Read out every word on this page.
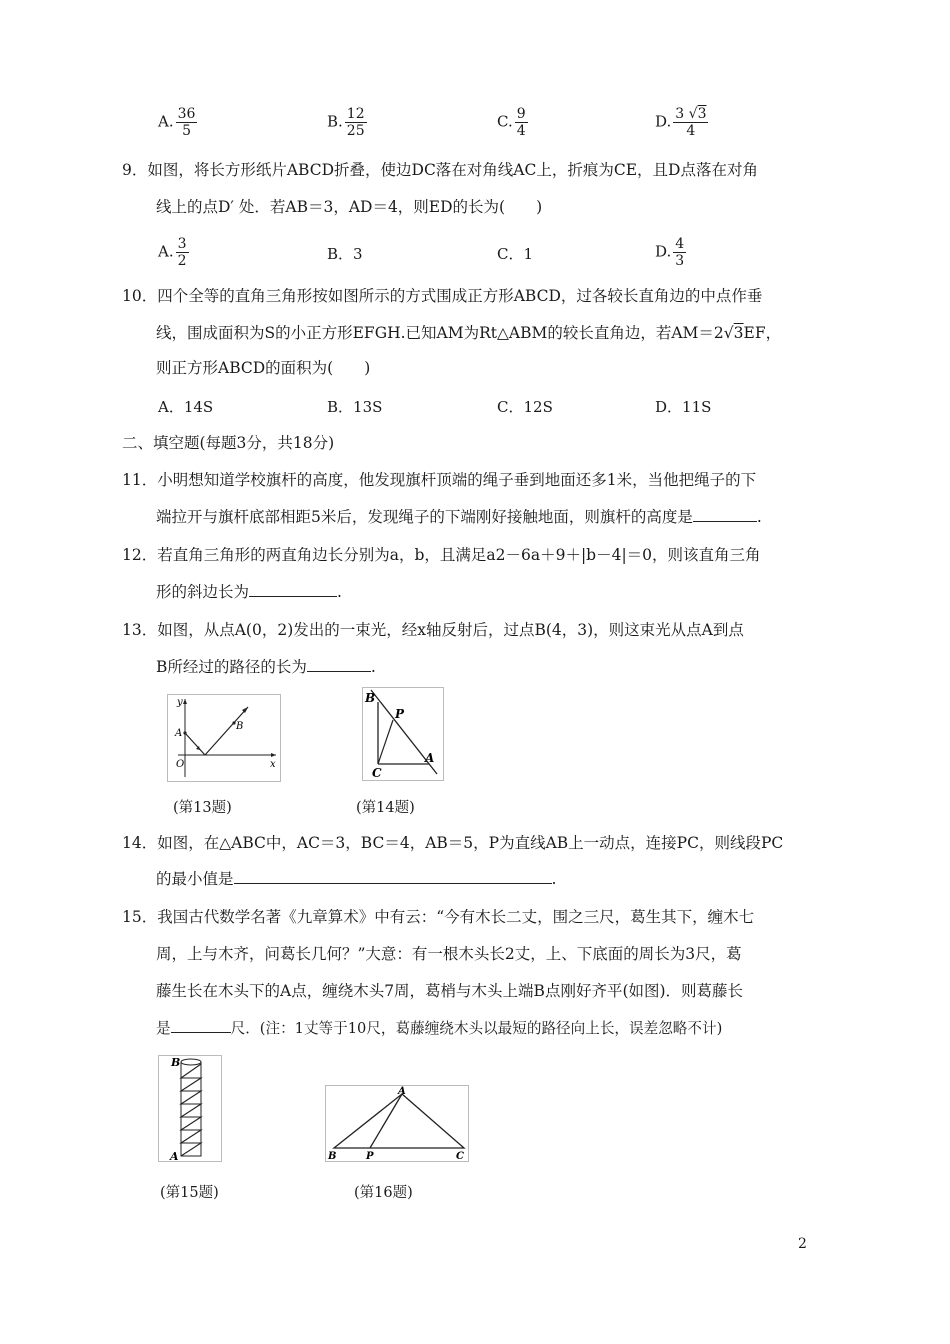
A. $\frac{36}{5}$	B. $\frac{12}{25}$	C. $\frac{9}{4}$	D. $\frac{3 √3}{4}$
9．如图，将长方形纸片ABCD折叠，使边DC落在对角线AC上，折痕为CE，且D点落在对角
线上的点D′ 处．若AB＝3，AD＝4，则ED的长为(　　)
A. $\frac{3}{2}$	B．3	C．1	D. $\frac{4}{3}$
10．四个全等的直角三角形按如图所示的方式围成正方形ABCD，过各较长直角边的中点作垂
线，围成面积为S的小正方形EFGH.已知AM为Rt△ABM的较长直角边，若AM＝2√3EF，
则正方形ABCD的面积为(　　)
A．14S	B．13S	C．12S	D．11S
二、填空题(每题3分，共18分)
11．小明想知道学校旗杆的高度，他发现旗杆顶端的绳子垂到地面还多1米，当他把绳子的下
端拉开与旗杆底部相距5米后，发现绳子的下端刚好接触地面，则旗杆的高度是	.
12．若直角三角形的两直角边长分别为a，b，且满足a2－6a＋9＋|b－4|＝0，则该直角三角
形的斜边长为	.
13．如图，从点A(0，2)发出的一束光，经x轴反射后，过点B(4，3)，则这束光从点A到点
B所经过的路径的长为	.
y
x
O
A
B
(第13题)
B
P
C
A
(第14题)
14．如图，在△ABC中，AC＝3，BC＝4，AB＝5，P为直线AB上一动点，连接PC，则线段PC
的最小值是	.
15．我国古代数学名著《九章算术》中有云：“今有木长二丈，围之三尺，葛生其下，缠木七
周，上与木齐，问葛长几何？”大意：有一根木头长2丈，上、下底面的周长为3尺，葛
藤生长在木头下的A点，缠绕木头7周，葛梢与木头上端B点刚好齐平(如图)．则葛藤长
是	尺．(注：1丈等于10尺，葛藤缠绕木头以最短的路径向上长，误差忽略不计)
B
A
(第15题)
A
B	P	C
(第16题)
2
